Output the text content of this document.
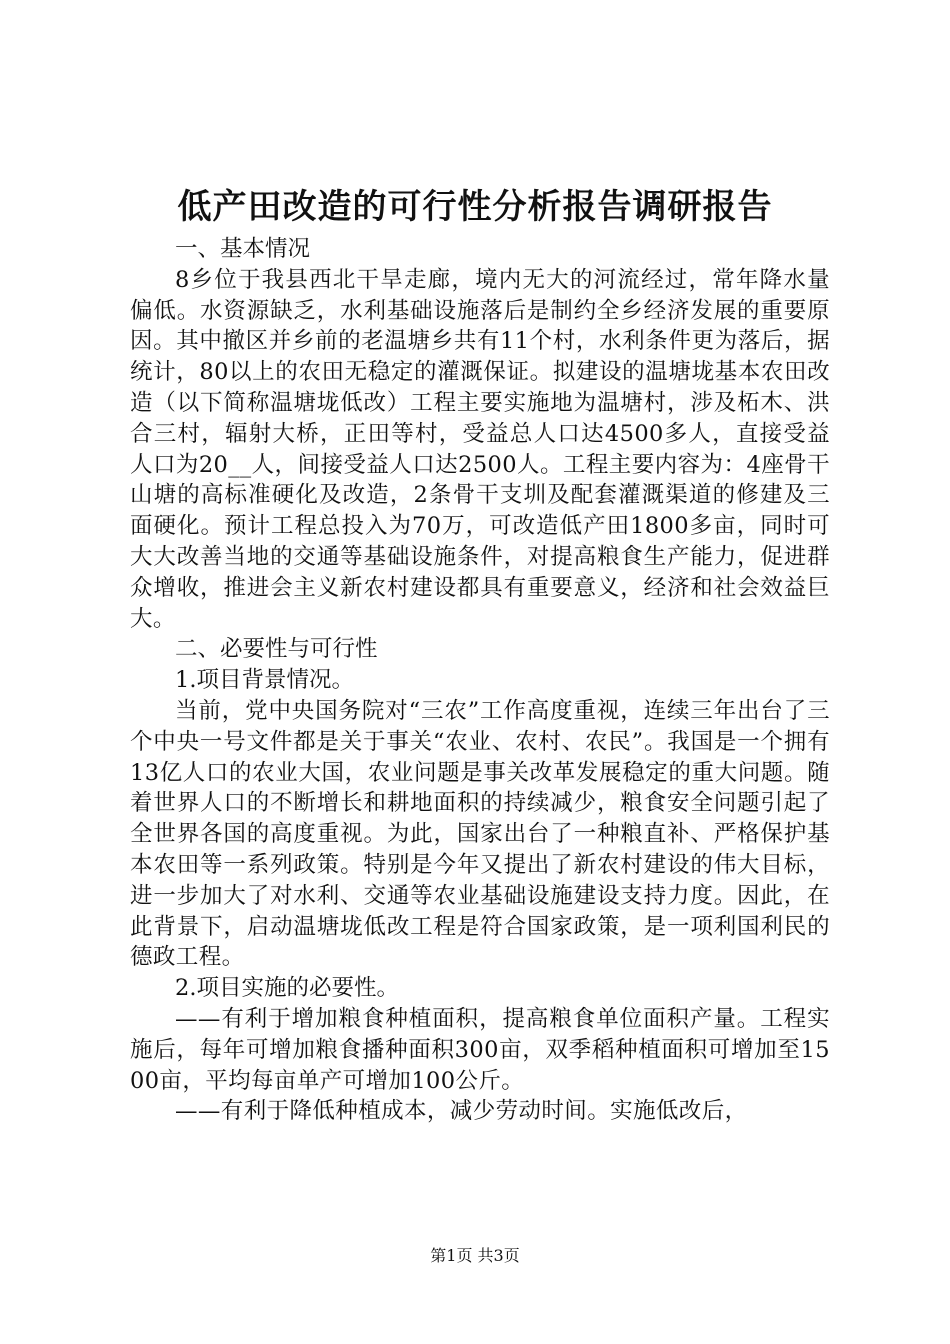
低产田改造的可行性分析报告调研报告

一、基本情况

8乡位于我县西北干旱走廊，境内无大的河流经过，常年降水量偏低。水资源缺乏，水利基础设施落后是制约全乡经济发展的重要原因。其中撤区并乡前的老温塘乡共有11个村，水利条件更为落后，据统计，80以上的农田无稳定的灌溉保证。拟建设的温塘垅基本农田改造（以下简称温塘垅低改）工程主要实施地为温塘村，涉及柘木、洪合三村，辐射大桥，正田等村，受益总人口达4500多人，直接受益人口为20__人，间接受益人口达2500人。工程主要内容为：4座骨干山塘的高标准硬化及改造，2条骨干支圳及配套灌溉渠道的修建及三面硬化。预计工程总投入为70万，可改造低产田1800多亩，同时可大大改善当地的交通等基础设施条件，对提高粮食生产能力，促进群众增收，推进会主义新农村建设都具有重要意义，经济和社会效益巨大。

二、必要性与可行性

1.项目背景情况。

当前，党中央国务院对“三农”工作高度重视，连续三年出台了三个中央一号文件都是关于事关“农业、农村、农民”。我国是一个拥有13亿人口的农业大国，农业问题是事关改革发展稳定的重大问题。随着世界人口的不断增长和耕地面积的持续减少，粮食安全问题引起了全世界各国的高度重视。为此，国家出台了一种粮直补、严格保护基本农田等一系列政策。特别是今年又提出了新农村建设的伟大目标，进一步加大了对水利、交通等农业基础设施建设支持力度。因此，在此背景下，启动温塘垅低改工程是符合国家政策，是一项利国利民的德政工程。

2.项目实施的必要性。

——有利于增加粮食种植面积，提高粮食单位面积产量。工程实施后，每年可增加粮食播种面积300亩，双季稻种植面积可增加至1500亩，平均每亩单产可增加100公斤。

——有利于降低种植成本，减少劳动时间。实施低改后，

第1页 共3页
